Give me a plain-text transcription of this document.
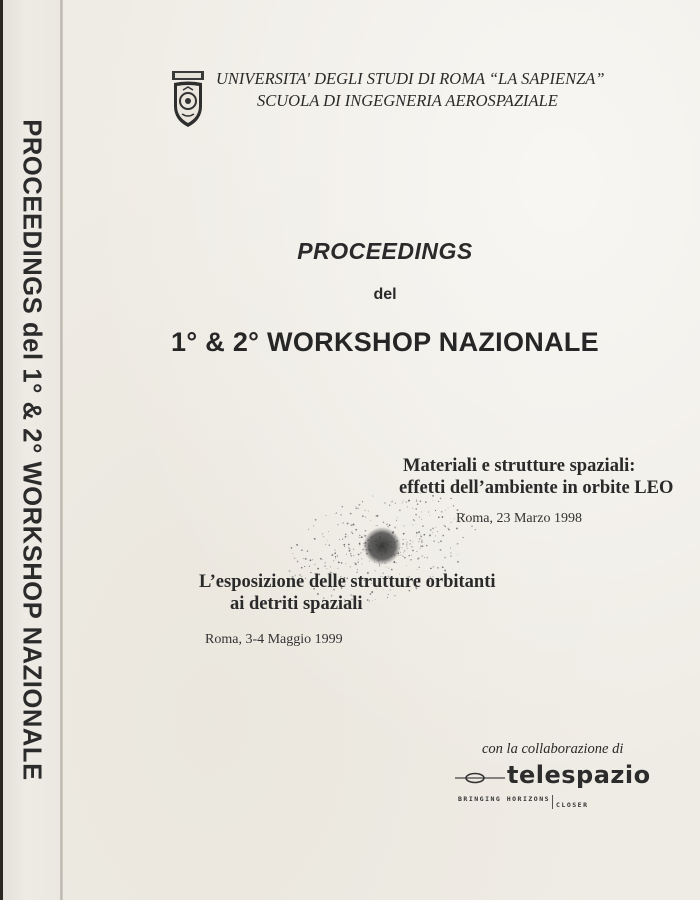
PROCEEDINGS del 1° & 2° WORKSHOP NAZIONALE
UNIVERSITA' DEGLI STUDI DI ROMA “LA SAPIENZA”
SCUOLA DI INGEGNERIA AEROSPAZIALE
PROCEEDINGS
del
1° & 2° WORKSHOP NAZIONALE
Materiali e strutture spaziali:
effetti dell’ambiente in orbite LEO
Roma, 23 Marzo 1998
L’esposizione delle strutture orbitanti
ai detriti spaziali
Roma, 3-4 Maggio 1999
con la collaborazione di
telespazio
BRINGING HORIZONSCLOSER
